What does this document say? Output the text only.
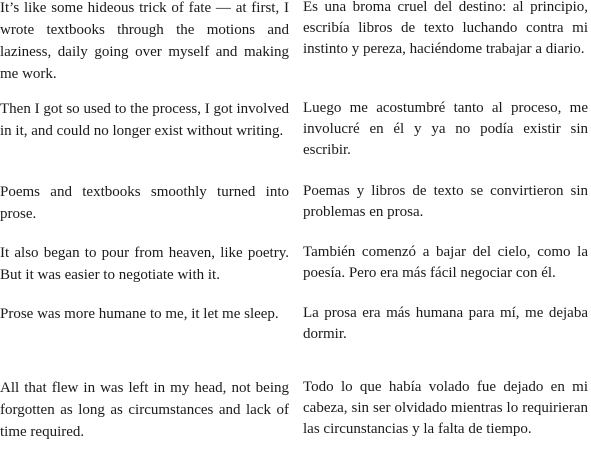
It’s like some hideous trick of fate — at first, I wrote textbooks through the motions and laziness, daily going over myself and making me work.

Then I got so used to the process, I got involved in it, and could no longer exist without writing.

Poems and textbooks smoothly turned into prose.

It also began to pour from heaven, like poetry. But it was easier to negotiate with it.

Prose was more humane to me, it let me sleep.

All that flew in was left in my head, not being forgotten as long as circumstances and lack of time required.

Es una broma cruel del destino: al principio, escribía libros de texto luchando contra mi instinto y pereza, haciéndome trabajar a diario.

Luego me acostumbré tanto al proceso, me involucré en él y ya no podía existir sin escribir.

Poemas y libros de texto se convirtieron sin problemas en prosa.

También comenzó a bajar del cielo, como la poesía. Pero era más fácil negociar con él.

La prosa era más humana para mí, me dejaba dormir.

Todo lo que había volado fue dejado en mi cabeza, sin ser olvidado mientras lo requirieran las circunstancias y la falta de tiempo.
